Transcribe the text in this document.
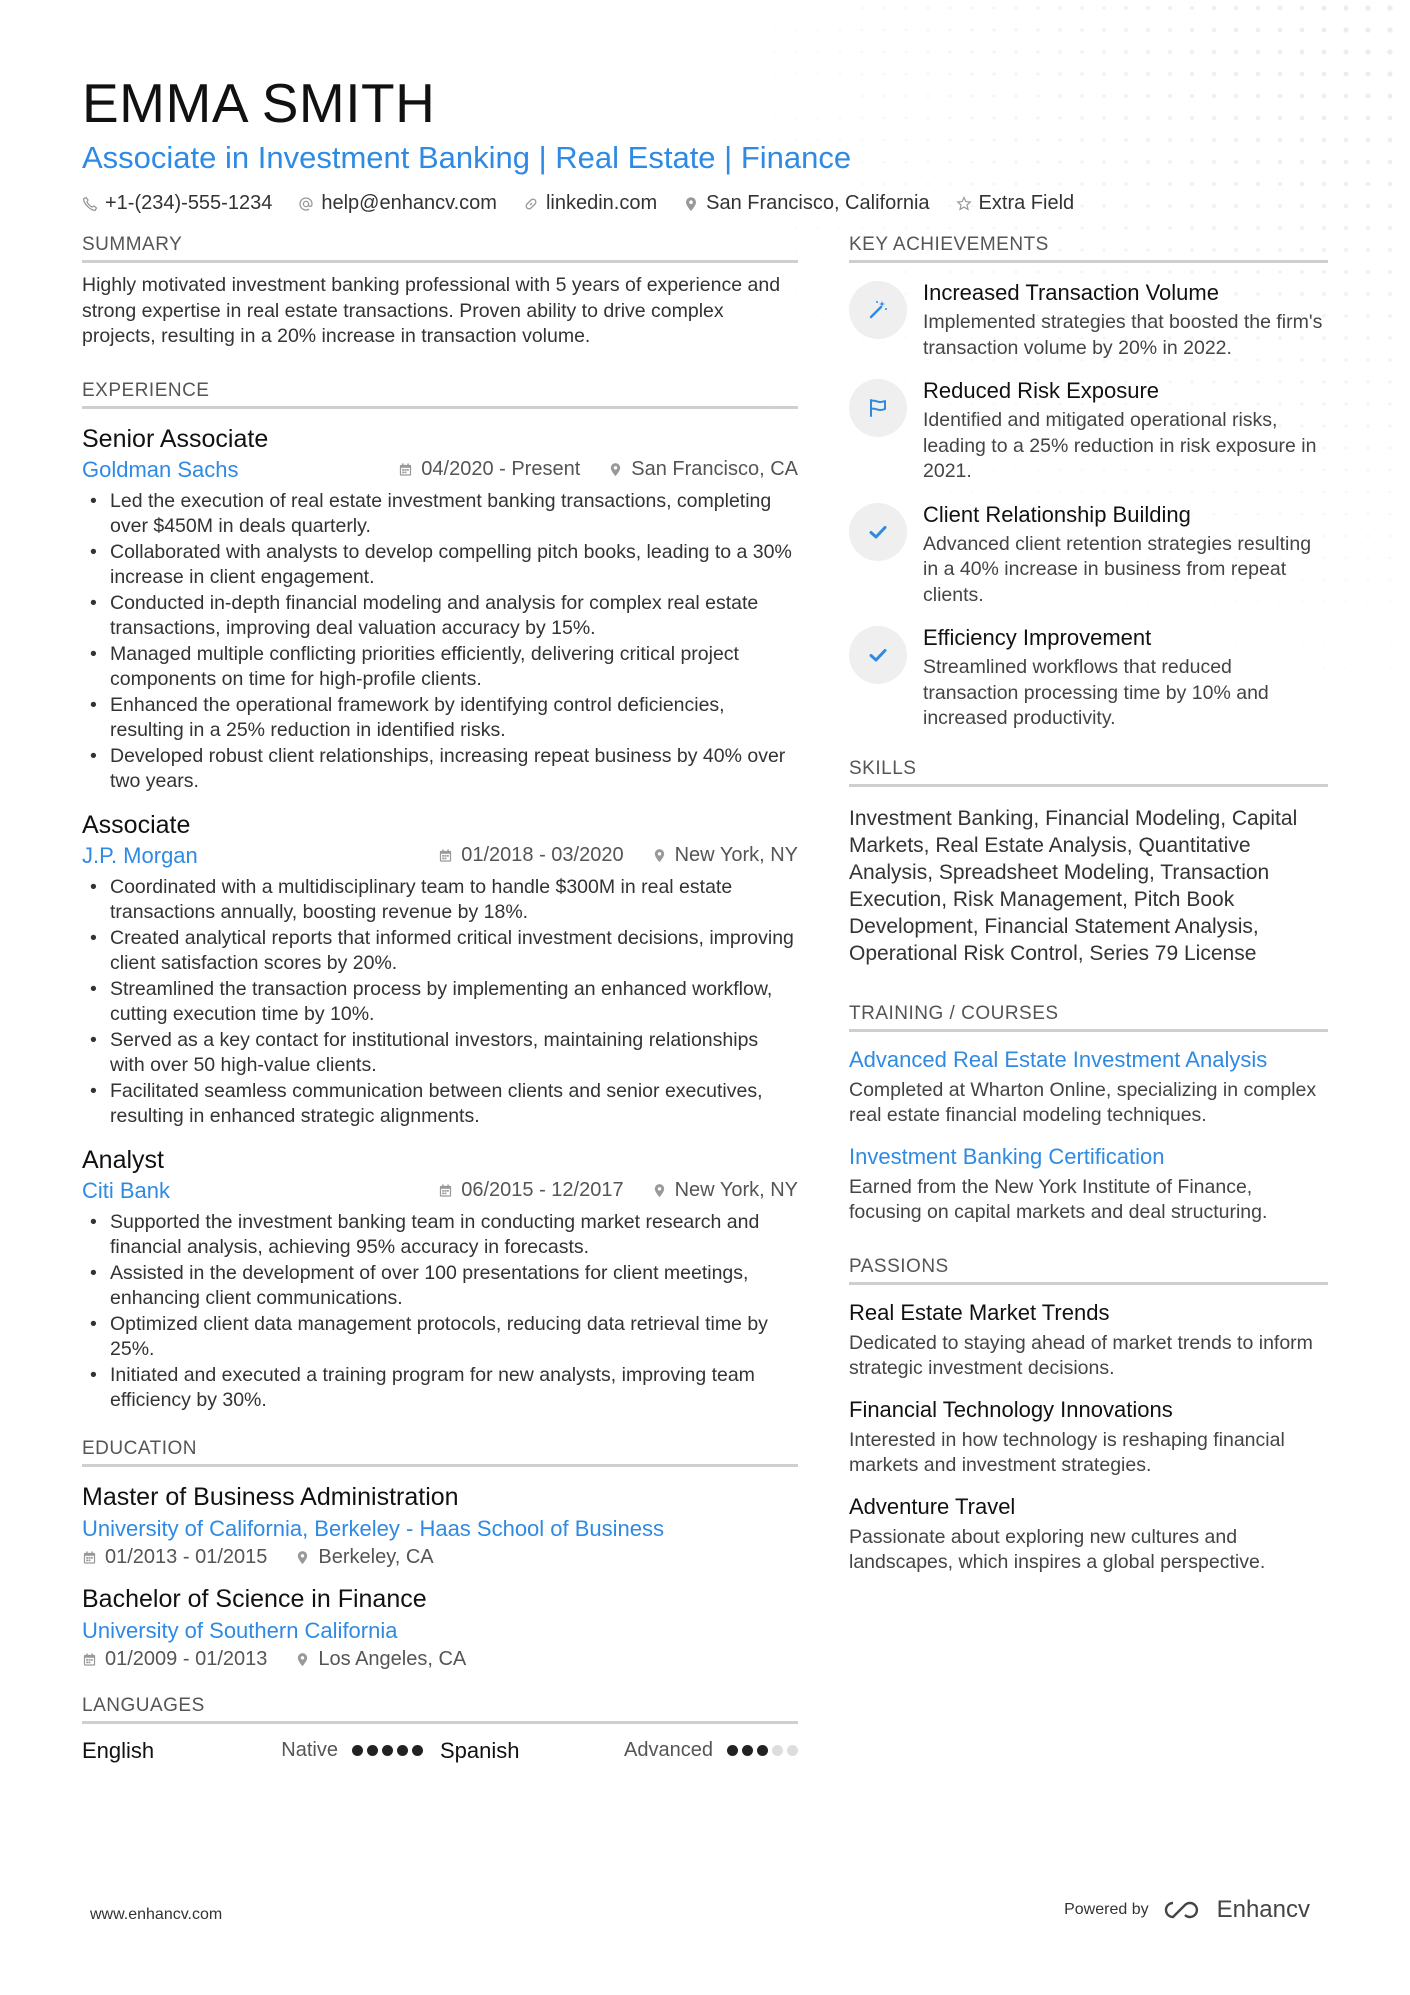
EMMA SMITH
Associate in Investment Banking | Real Estate | Finance
+1-(234)-555-1234 help@enhancv.com linkedin.com San Francisco, California Extra Field
SUMMARY
Highly motivated investment banking professional with 5 years of experience and strong expertise in real estate transactions. Proven ability to drive complex projects, resulting in a 20% increase in transaction volume.
EXPERIENCE
Senior Associate
Goldman Sachs	04/2020 - Present	San Francisco, CA
• Led the execution of real estate investment banking transactions, completing over $450M in deals quarterly.
• Collaborated with analysts to develop compelling pitch books, leading to a 30% increase in client engagement.
• Conducted in-depth financial modeling and analysis for complex real estate transactions, improving deal valuation accuracy by 15%.
• Managed multiple conflicting priorities efficiently, delivering critical project components on time for high-profile clients.
• Enhanced the operational framework by identifying control deficiencies, resulting in a 25% reduction in identified risks.
• Developed robust client relationships, increasing repeat business by 40% over two years.
Associate
J.P. Morgan	01/2018 - 03/2020	New York, NY
• Coordinated with a multidisciplinary team to handle $300M in real estate transactions annually, boosting revenue by 18%.
• Created analytical reports that informed critical investment decisions, improving client satisfaction scores by 20%.
• Streamlined the transaction process by implementing an enhanced workflow, cutting execution time by 10%.
• Served as a key contact for institutional investors, maintaining relationships with over 50 high-value clients.
• Facilitated seamless communication between clients and senior executives, resulting in enhanced strategic alignments.
Analyst
Citi Bank	06/2015 - 12/2017	New York, NY
• Supported the investment banking team in conducting market research and financial analysis, achieving 95% accuracy in forecasts.
• Assisted in the development of over 100 presentations for client meetings, enhancing client communications.
• Optimized client data management protocols, reducing data retrieval time by 25%.
• Initiated and executed a training program for new analysts, improving team efficiency by 30%.
EDUCATION
Master of Business Administration
University of California, Berkeley - Haas School of Business
01/2013 - 01/2015	Berkeley, CA
Bachelor of Science in Finance
University of Southern California
01/2009 - 01/2013	Los Angeles, CA
LANGUAGES
English	Native	Spanish	Advanced
KEY ACHIEVEMENTS
Increased Transaction Volume
Implemented strategies that boosted the firm's transaction volume by 20% in 2022.
Reduced Risk Exposure
Identified and mitigated operational risks, leading to a 25% reduction in risk exposure in 2021.
Client Relationship Building
Advanced client retention strategies resulting in a 40% increase in business from repeat clients.
Efficiency Improvement
Streamlined workflows that reduced transaction processing time by 10% and increased productivity.
SKILLS
Investment Banking, Financial Modeling, Capital Markets, Real Estate Analysis, Quantitative Analysis, Spreadsheet Modeling, Transaction Execution, Risk Management, Pitch Book Development, Financial Statement Analysis, Operational Risk Control, Series 79 License
TRAINING / COURSES
Advanced Real Estate Investment Analysis
Completed at Wharton Online, specializing in complex real estate financial modeling techniques.
Investment Banking Certification
Earned from the New York Institute of Finance, focusing on capital markets and deal structuring.
PASSIONS
Real Estate Market Trends
Dedicated to staying ahead of market trends to inform strategic investment decisions.
Financial Technology Innovations
Interested in how technology is reshaping financial markets and investment strategies.
Adventure Travel
Passionate about exploring new cultures and landscapes, which inspires a global perspective.
www.enhancv.com	Powered by	Enhancv
